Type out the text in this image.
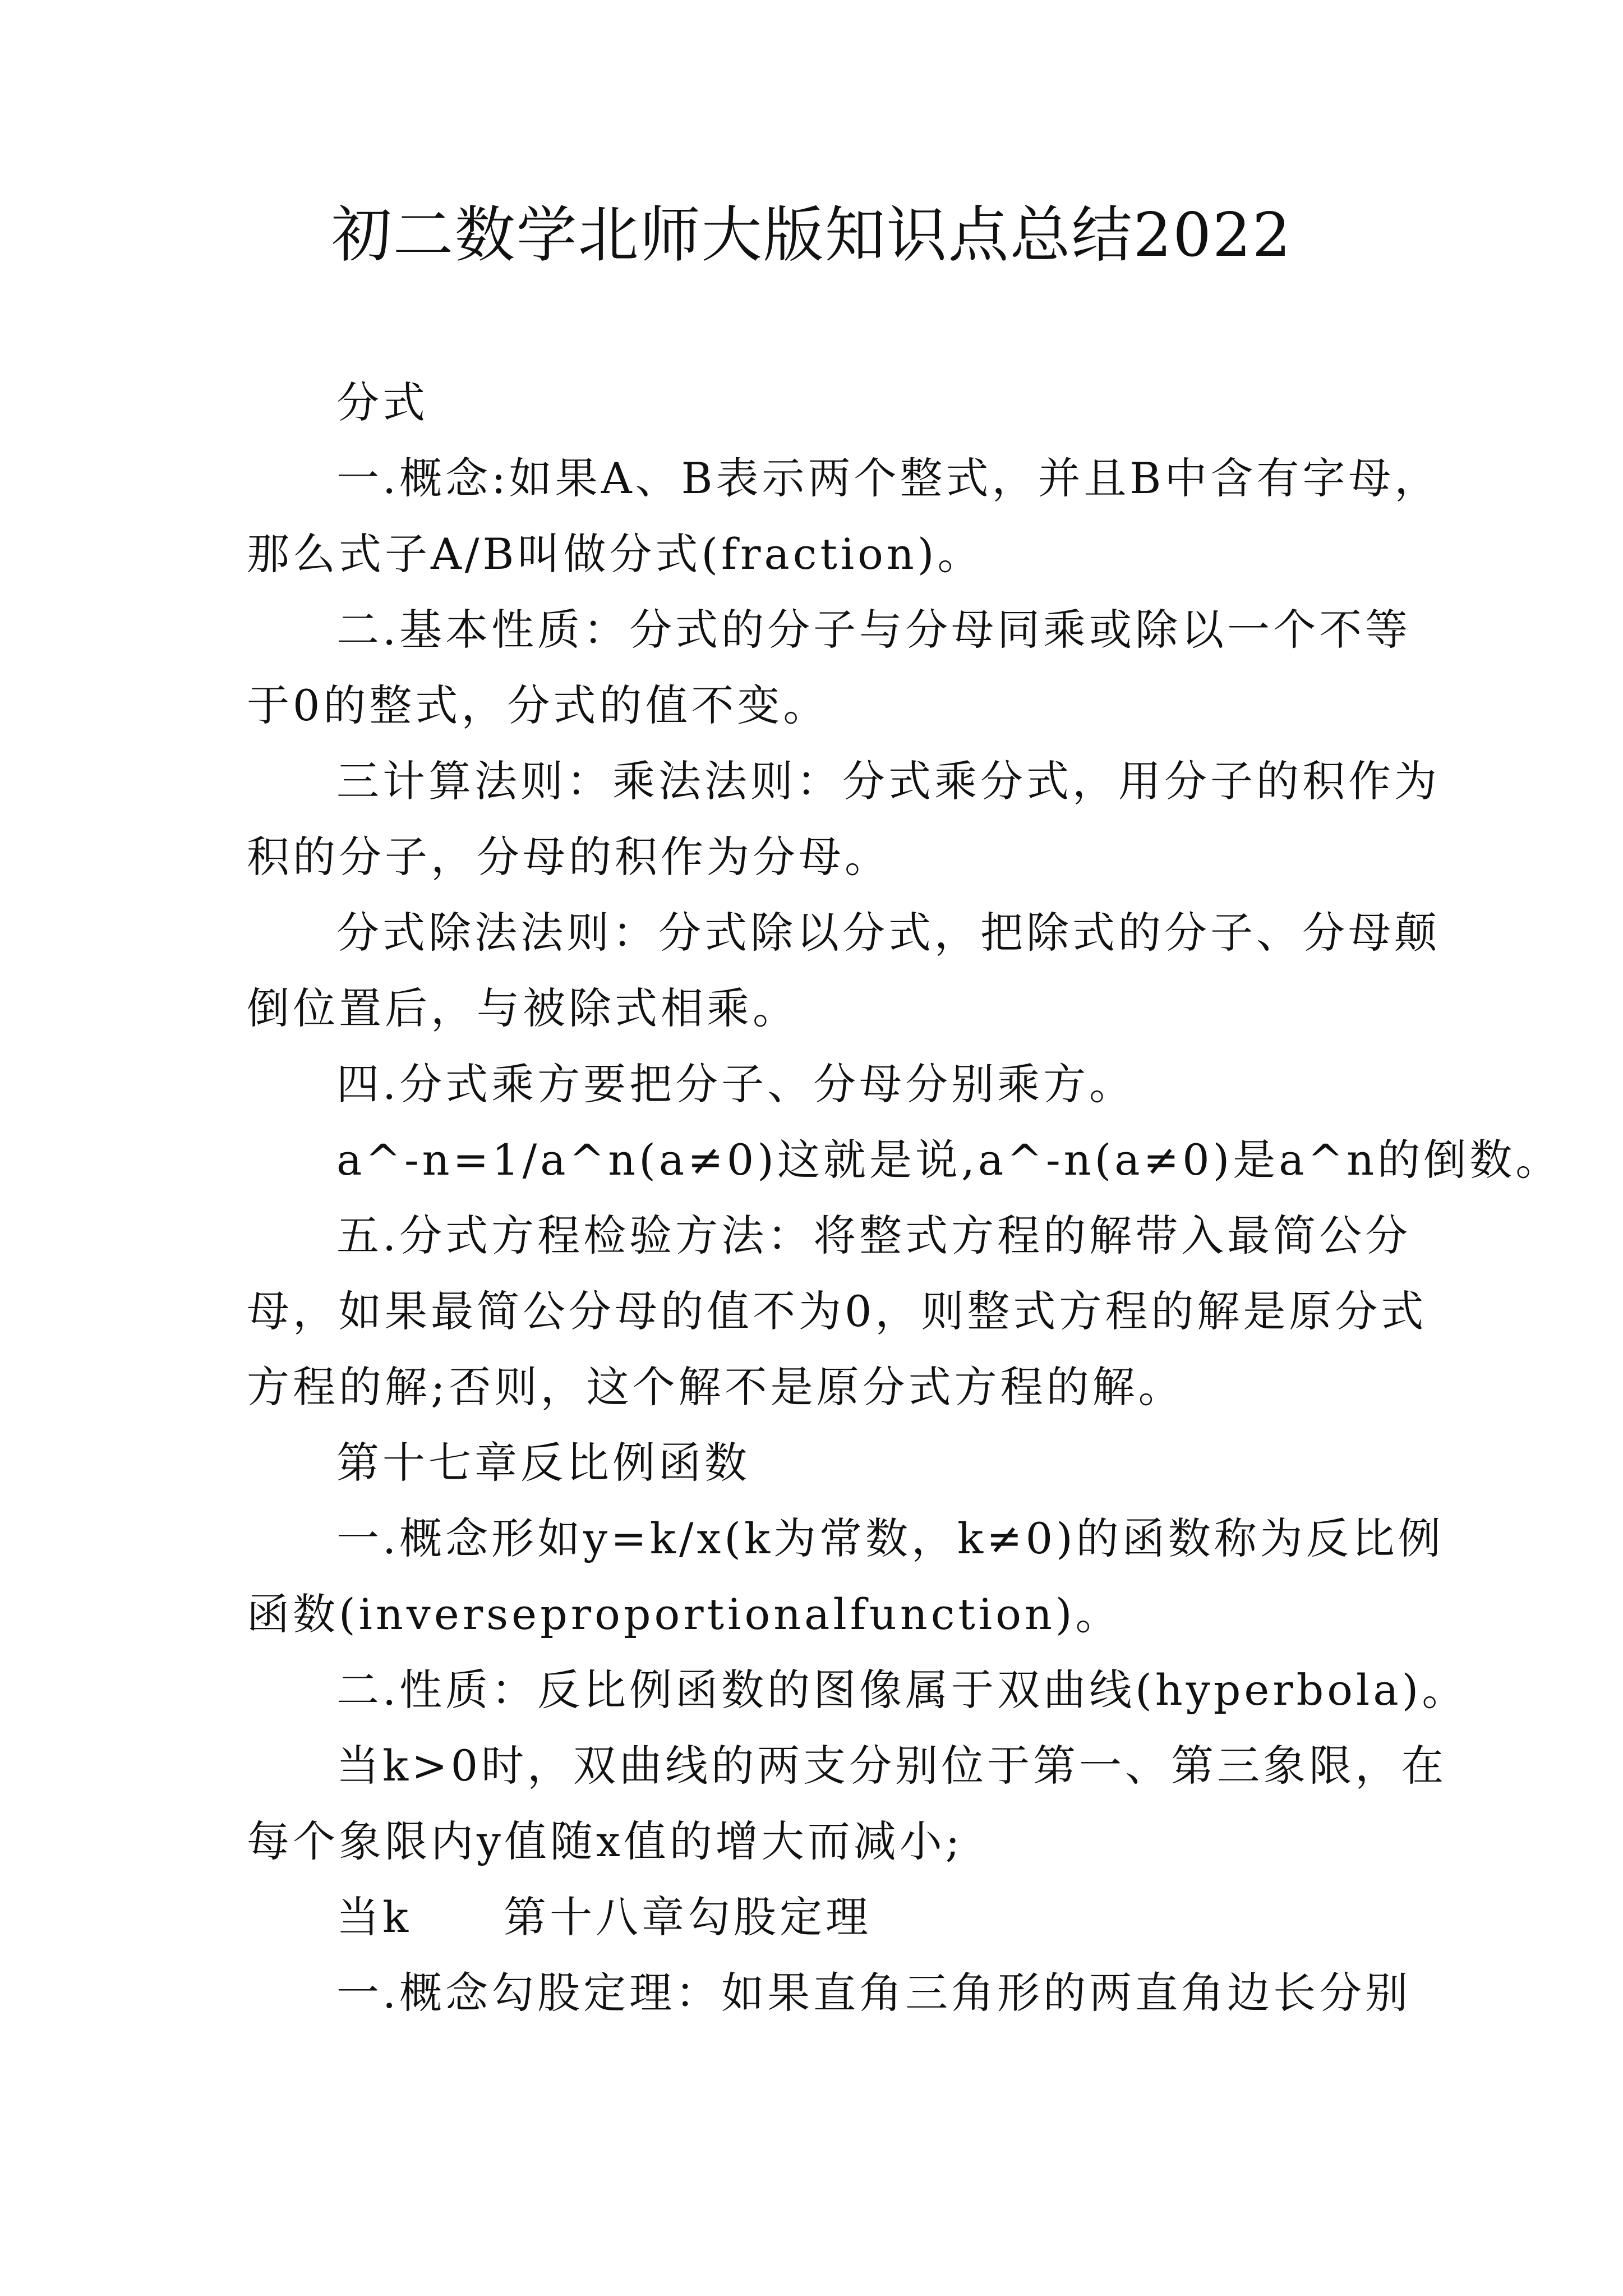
初二数学北师大版知识点总结2022
分式
一.概念:如果A、B表示两个整式，并且B中含有字母，
那么式子A/B叫做分式(fraction)。
二.基本性质：分式的分子与分母同乘或除以一个不等
于0的整式，分式的值不变。
三计算法则：乘法法则：分式乘分式，用分子的积作为
积的分子，分母的积作为分母。
分式除法法则：分式除以分式，把除式的分子、分母颠
倒位置后，与被除式相乘。
四.分式乘方要把分子、分母分别乘方。
a^-n=1/a^n(a≠0)这就是说,a^-n(a≠0)是a^n的倒数。
五.分式方程检验方法：将整式方程的解带入最简公分
母，如果最简公分母的值不为0，则整式方程的解是原分式
方程的解;否则，这个解不是原分式方程的解。
第十七章反比例函数
一.概念形如y=k/x(k为常数，k≠0)的函数称为反比例
函数(inverseproportionalfunction)。
二.性质：反比例函数的图像属于双曲线(hyperbola)。
当k>0时，双曲线的两支分别位于第一、第三象限，在
每个象限内y值随x值的增大而减小;
当k　　第十八章勾股定理
一.概念勾股定理：如果直角三角形的两直角边长分别
